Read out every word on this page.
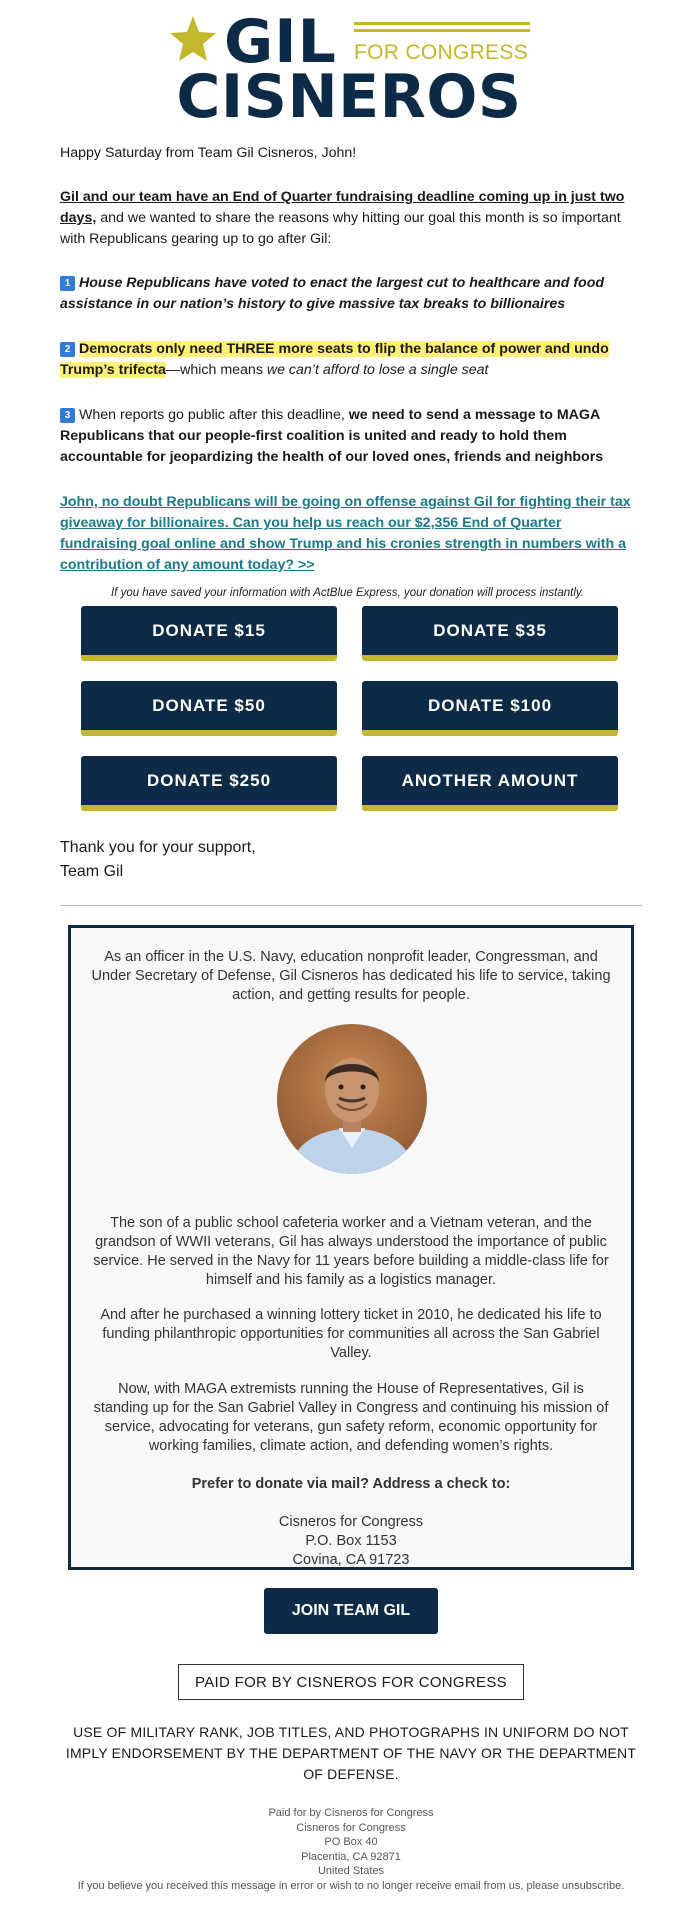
GIL FOR CONGRESS
CISNEROS

Happy Saturday from Team Gil Cisneros, John!

Gil and our team have an End of Quarter fundraising deadline coming up in just two days, and we wanted to share the reasons why hitting our goal this month is so important with Republicans gearing up to go after Gil:

1 House Republicans have voted to enact the largest cut to healthcare and food assistance in our nation’s history to give massive tax breaks to billionaires

2 Democrats only need THREE more seats to flip the balance of power and undo Trump’s trifecta—which means we can’t afford to lose a single seat

3 When reports go public after this deadline, we need to send a message to MAGA Republicans that our people-first coalition is united and ready to hold them accountable for jeopardizing the health of our loved ones, friends and neighbors

John, no doubt Republicans will be going on offense against Gil for fighting their tax giveaway for billionaires. Can you help us reach our $2,356 End of Quarter fundraising goal online and show Trump and his cronies strength in numbers with a contribution of any amount today? >>

If you have saved your information with ActBlue Express, your donation will process instantly.
DONATE $15	DONATE $35
DONATE $50	DONATE $100
DONATE $250	ANOTHER AMOUNT
Thank you for your support,
Team Gil
As an officer in the U.S. Navy, education nonprofit leader, Congressman, and Under Secretary of Defense, Gil Cisneros has dedicated his life to service, taking action, and getting results for people.
The son of a public school cafeteria worker and a Vietnam veteran, and the grandson of WWII veterans, Gil has always understood the importance of public service. He served in the Navy for 11 years before building a middle-class life for himself and his family as a logistics manager.
And after he purchased a winning lottery ticket in 2010, he dedicated his life to funding philanthropic opportunities for communities all across the San Gabriel Valley.
Now, with MAGA extremists running the House of Representatives, Gil is standing up for the San Gabriel Valley in Congress and continuing his mission of service, advocating for veterans, gun safety reform, economic opportunity for working families, climate action, and defending women’s rights.
Prefer to donate via mail? Address a check to:
Cisneros for Congress
P.O. Box 1153
Covina, CA 91723
JOIN TEAM GIL
PAID FOR BY CISNEROS FOR CONGRESS
USE OF MILITARY RANK, JOB TITLES, AND PHOTOGRAPHS IN UNIFORM DO NOT IMPLY ENDORSEMENT BY THE DEPARTMENT OF THE NAVY OR THE DEPARTMENT OF DEFENSE.
Paid for by Cisneros for Congress
Cisneros for Congress
PO Box 40
Placentia, CA 92871
United States
If you believe you received this message in error or wish to no longer receive email from us, please unsubscribe.
